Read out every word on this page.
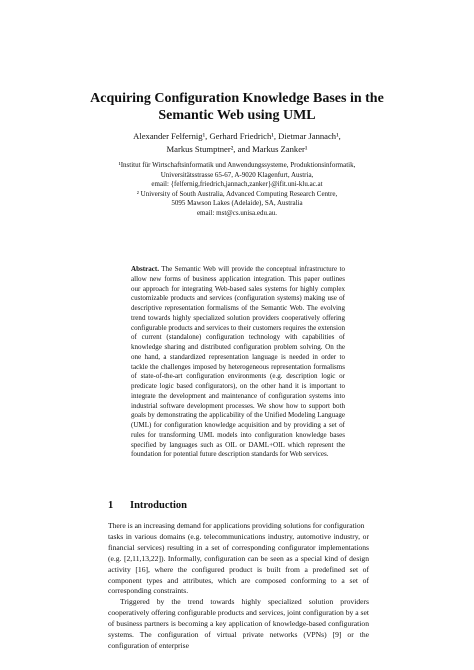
Acquiring Configuration Knowledge Bases in the
Semantic Web using UML
Alexander Felfernig¹, Gerhard Friedrich¹, Dietmar Jannach¹,
Markus Stumptner², and Markus Zanker¹
¹Institut für Wirtschaftsinformatik und Anwendungssysteme, Produktionsinformatik,
Universitätsstrasse 65-67, A-9020 Klagenfurt, Austria,
email: {felfernig,friedrich,jannach,zanker}@ifit.uni-klu.ac.at
² University of South Australia, Advanced Computing Research Centre,
5095 Mawson Lakes (Adelaide), SA, Australia
email: mst@cs.unisa.edu.au.
Abstract. The Semantic Web will provide the conceptual infrastructure to allow new forms of business application integration. This paper outlines our approach for integrating Web-based sales systems for highly complex customizable products and services (configuration systems) making use of descriptive representation formalisms of the Semantic Web. The evolving trend towards highly specialized solution providers cooperatively offering configurable products and services to their customers requires the extension of current (standalone) configuration technology with capabilities of knowledge sharing and distributed configuration problem solving. On the one hand, a standardized representation language is needed in order to tackle the challenges imposed by heterogeneous representation formalisms of state-of-the-art configuration environments (e.g. description logic or predicate logic based configurators), on the other hand it is important to integrate the development and maintenance of configuration systems into industrial software development processes. We show how to support both goals by demonstrating the applicability of the Unified Modeling Language (UML) for configuration knowledge acquisition and by providing a set of rules for transforming UML models into configuration knowledge bases specified by languages such as OIL or DAML+OIL which represent the foundation for potential future description standards for Web services.
1 Introduction

There is an increasing demand for applications providing solutions for configuration
tasks in various domains (e.g. telecommunications industry, automotive industry, or financial services) resulting in a set of corresponding configurator implementations (e.g. [2,11,13,22]). Informally, configuration can be seen as a special kind of design activity [16], where the configured product is built from a predefined set of component types and attributes, which are composed conforming to a set of corresponding constraints.

Triggered by the trend towards highly specialized solution providers cooperatively offering configurable products and services, joint configuration by a set of business partners is becoming a key application of knowledge-based configuration systems. The configuration of virtual private networks (VPNs) [9] or the configuration of enterprise
